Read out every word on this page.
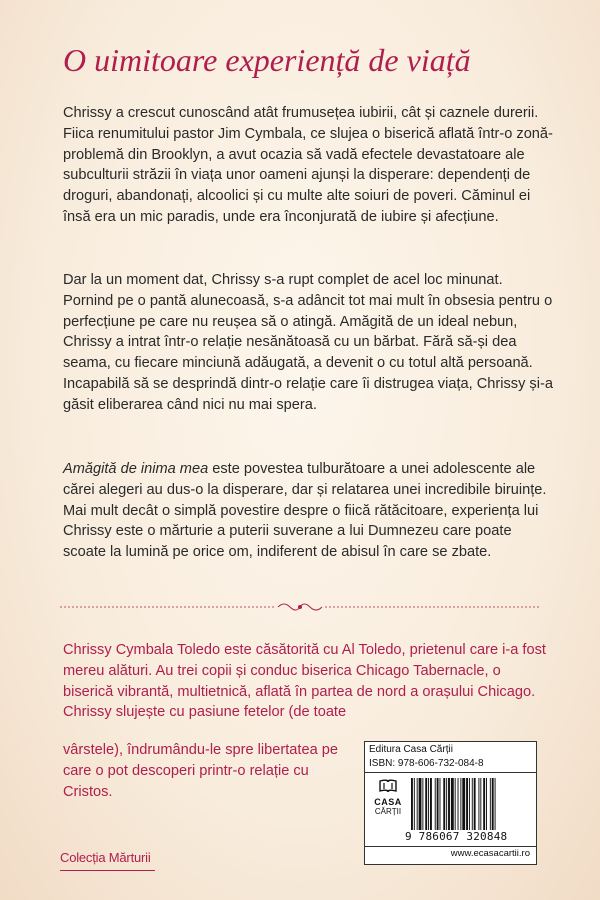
O uimitoare experiență de viață

Chrissy a crescut cunoscând atât frumusețea iubirii, cât și caznele durerii. Fiica renumitului pastor Jim Cymbala, ce slujea o biserică aflată într-o zonă-problemă din Brooklyn, a avut ocazia să vadă efectele devastatoare ale subculturii străzii în viața unor oameni ajunși la disperare: dependenți de droguri, abandonați, alcoolici și cu multe alte soiuri de poveri. Căminul ei însă era un mic paradis, unde era înconjurată de iubire și afecțiune.

Dar la un moment dat, Chrissy s-a rupt complet de acel loc minunat. Pornind pe o pantă alunecoasă, s-a adâncit tot mai mult în obsesia pentru o perfecțiune pe care nu reușea să o atingă. Amăgită de un ideal nebun, Chrissy a intrat într-o relație nesănătoasă cu un bărbat. Fără să-și dea seama, cu fiecare minciună adăugată, a devenit o cu totul altă persoană. Incapabilă să se desprindă dintr-o relație care îi distrugea viața, Chrissy și-a găsit eliberarea când nici nu mai spera.

Amăgită de inima mea este povestea tulburătoare a unei adolescente ale cărei alegeri au dus-o la disperare, dar și relatarea unei incredibile biruințe. Mai mult decât o simplă povestire despre o fiică rătăcitoare, experiența lui Chrissy este o mărturie a puterii suverane a lui Dumnezeu care poate scoate la lumină pe orice om, indiferent de abisul în care se zbate.

Chrissy Cymbala Toledo este căsătorită cu Al Toledo, prietenul care i-a fost mereu alături. Au trei copii și conduc biserica Chicago Tabernacle, o biserică vibrantă, multietnică, aflată în partea de nord a orașului Chicago. Chrissy slujește cu pasiune fetelor (de toate

vârstele), îndrumându-le spre libertatea pe care o pot descoperi printr-o relație cu Cristos.

Colecția Mărturii
Editura Casa Cărții
ISBN: 978-606-732-084-8
CASA
CĂRȚII
9 786067 320848
www.ecasacartii.ro
